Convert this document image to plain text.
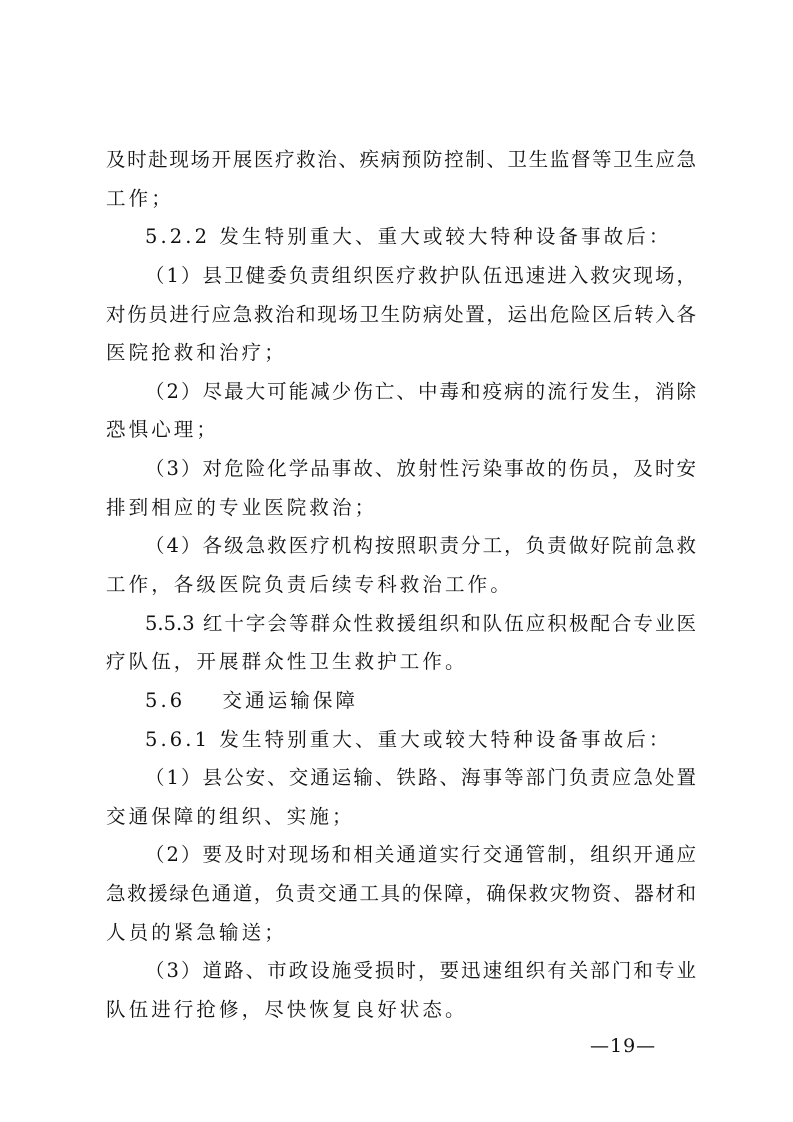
及时赴现场开展医疗救治、疾病预防控制、卫生监督等卫生应急
工作；
5.2.2 发生特别重大、重大或较大特种设备事故后：
（1）县卫健委负责组织医疗救护队伍迅速进入救灾现场，
对伤员进行应急救治和现场卫生防病处置，运出危险区后转入各
医院抢救和治疗；
（2）尽最大可能减少伤亡、中毒和疫病的流行发生，消除
恐惧心理；
（3）对危险化学品事故、放射性污染事故的伤员，及时安
排到相应的专业医院救治；
（4）各级急救医疗机构按照职责分工，负责做好院前急救
工作，各级医院负责后续专科救治工作。
5.5.3 红十字会等群众性救援组织和队伍应积极配合专业医
疗队伍，开展群众性卫生救护工作。
5.6    交通运输保障
5.6.1 发生特别重大、重大或较大特种设备事故后：
（1）县公安、交通运输、铁路、海事等部门负责应急处置
交通保障的组织、实施；
（2）要及时对现场和相关通道实行交通管制，组织开通应
急救援绿色通道，负责交通工具的保障，确保救灾物资、器材和
人员的紧急输送；
（3）道路、市政设施受损时，要迅速组织有关部门和专业
队伍进行抢修，尽快恢复良好状态。
—19—
